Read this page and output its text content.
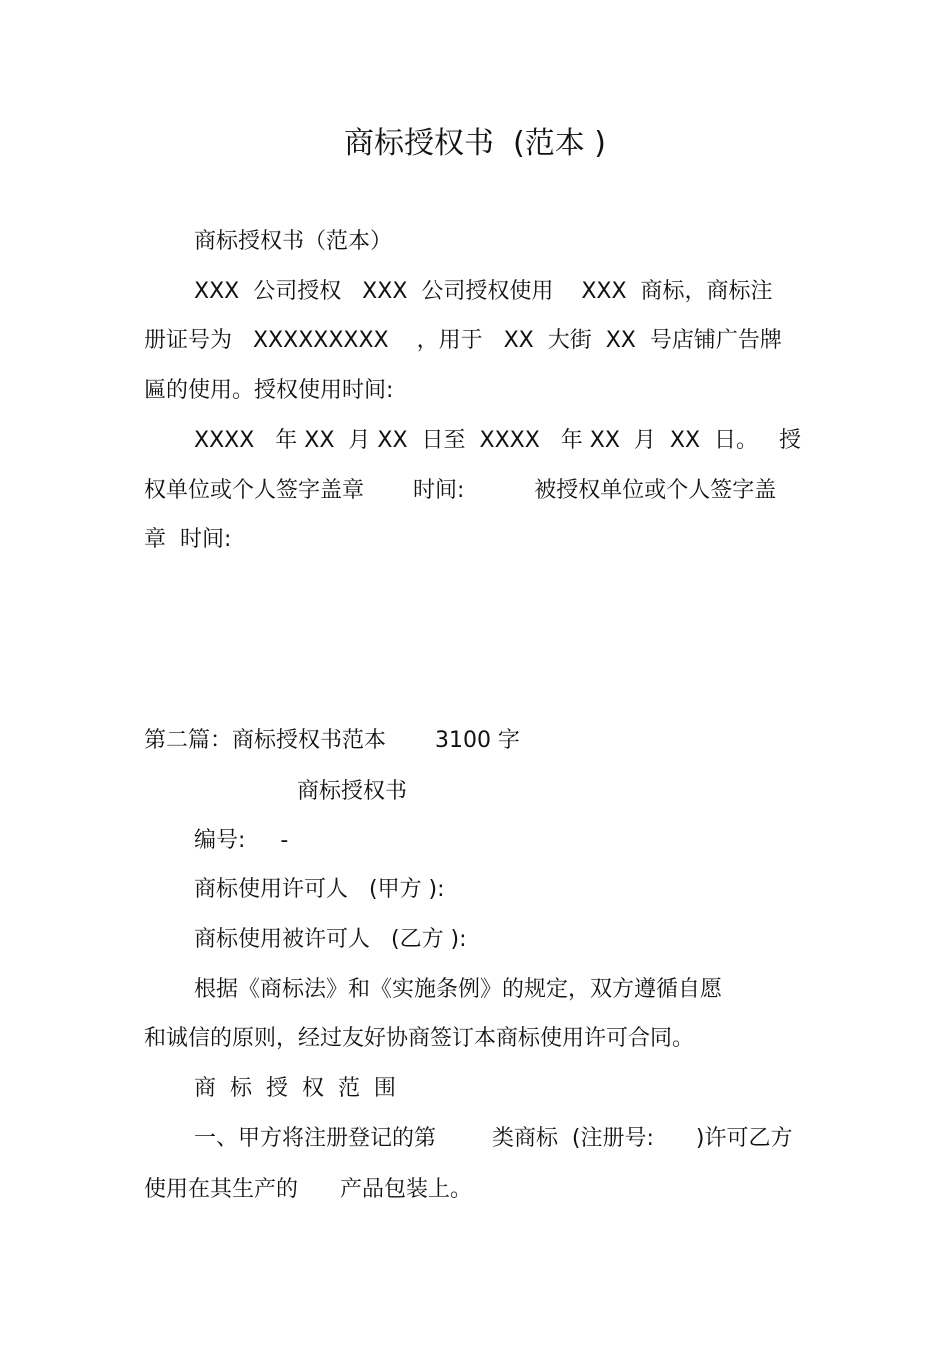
商标授权书  (范本 )
商标授权书（范本）
XXX  公司授权   XXX  公司授权使用    XXX  商标，商标注
册证号为   XXXXXXXXX    ，用于   XX  大街  XX  号店铺广告牌
匾的使用。授权使用时间:
XXXX   年 XX  月 XX  日至  XXXX   年 XX  月  XX  日。   授
权单位或个人签字盖章       时间:          被授权单位或个人签字盖
章  时间:
第二篇：商标授权书范本       3100 字
商标授权书
编号:     -
商标使用许可人   (甲方 ):
商标使用被许可人   (乙方 ):
根据《商标法》和《实施条例》的规定，双方遵循自愿
和诚信的原则，经过友好协商签订本商标使用许可合同。
商  标  授  权  范  围
一、甲方将注册登记的第        类商标  (注册号:      )许可乙方
使用在其生产的      产品包装上。
